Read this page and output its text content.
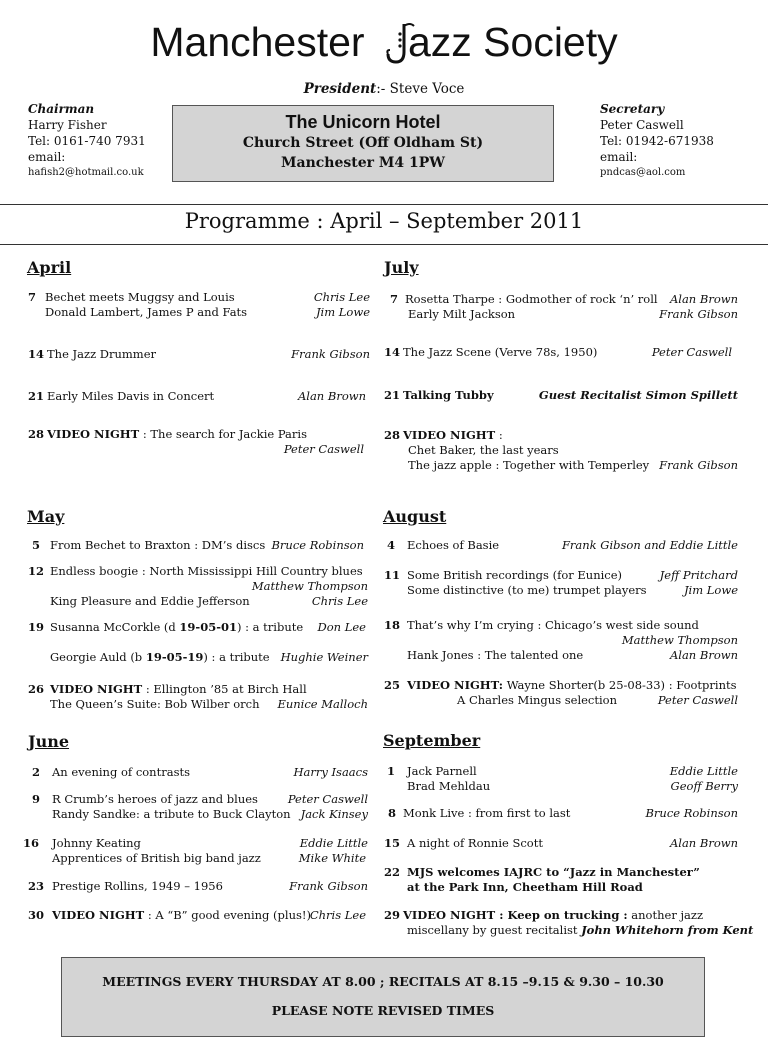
Manchester azz Society
President:- Steve Voce
Chairman
Harry Fisher
Tel: 0161-740 7931
email:
hafish2@hotmail.co.uk
The Unicorn Hotel
Church Street (Off Oldham St)
Manchester M4 1PW
Secretary
Peter Caswell
Tel: 01942-671938
email:
pndcas@aol.com
Programme : April – September 2011
April
7 Bechet meets Muggsy and Louis	Chris Lee
Donald Lambert, James P and Fats	Jim Lowe
14 The Jazz Drummer	Frank Gibson
21 Early Miles Davis in Concert	Alan Brown
28 VIDEO NIGHT : The search for Jackie Paris
Peter Caswell
May
5 From Bechet to Braxton : DM’s discs Bruce Robinson
12 Endless boogie : North Mississippi Hill Country blues
Matthew Thompson
King Pleasure and Eddie Jefferson	Chris Lee
19 Susanna McCorkle (d 19-05-01) : a tribute Don Lee
Georgie Auld (b 19-05-19) : a tribute Hughie Weiner
26 VIDEO NIGHT : Ellington ’85 at Birch Hall
The Queen’s Suite: Bob Wilber orch Eunice Malloch
June
2 An evening of contrasts	Harry Isaacs
9 R Crumb’s heroes of jazz and blues	Peter Caswell
Randy Sandke: a tribute to Buck Clayton Jack Kinsey
16 Johnny Keating	Eddie Little
Apprentices of British big band jazz	Mike White
23 Prestige Rollins, 1949 – 1956	Frank Gibson
30 VIDEO NIGHT : A “B” good evening (plus!)
Chris Lee
July
7 Rosetta Tharpe : Godmother of rock ‘n’ roll Alan Brown
Early Milt Jackson	Frank Gibson
14 The Jazz Scene (Verve 78s, 1950)	Peter Caswell
21 Talking Tubby	Guest Recitalist Simon Spillett
28 VIDEO NIGHT :
Chet Baker, the last years
The jazz apple : Together with Temperley Frank Gibson
August
4 Echoes of Basie	Frank Gibson and Eddie Little
11 Some British recordings (for Eunice)	Jeff Pritchard
Some distinctive (to me) trumpet players	Jim Lowe
18 That’s why I’m crying : Chicago’s west side sound
Matthew Thompson
Hank Jones : The talented one	Alan Brown
25 VIDEO NIGHT: Wayne Shorter(b 25-08-33) : Footprints
A Charles Mingus selection	Peter Caswell
September
1 Jack Parnell	Eddie Little
Brad Mehldau	Geoff Berry
8 Monk Live : from first to last	Bruce Robinson
15 A night of Ronnie Scott	Alan Brown
22 MJS welcomes IAJRC to “Jazz in Manchester”
at the Park Inn, Cheetham Hill Road
29 VIDEO NIGHT : Keep on trucking : another jazz
miscellany by guest recitalist John Whitehorn from Kent
MEETINGS EVERY THURSDAY AT 8.00 ; RECITALS AT 8.15 –9.15 & 9.30 – 10.30
PLEASE NOTE REVISED TIMES
